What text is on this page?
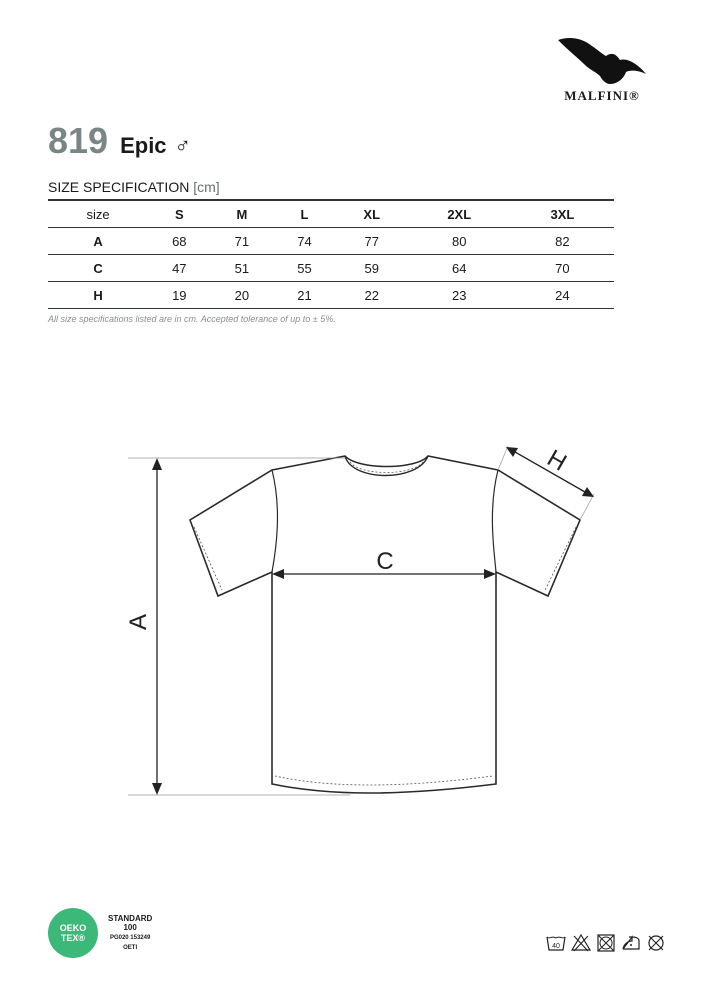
MALFINI®
819 Epic ♂
SIZE SPECIFICATION [cm]
size	S	M	L	XL	2XL	3XL
A	68	71	74	77	80	82
C	47	51	55	59	64	70
H	19	20	21	22	23	24
All size specifications listed are in cm. Accepted tolerance of up to ± 5%.
A
C
H
OEKO
TEX®
STANDARD
100
PG020 153249
OETI	40
